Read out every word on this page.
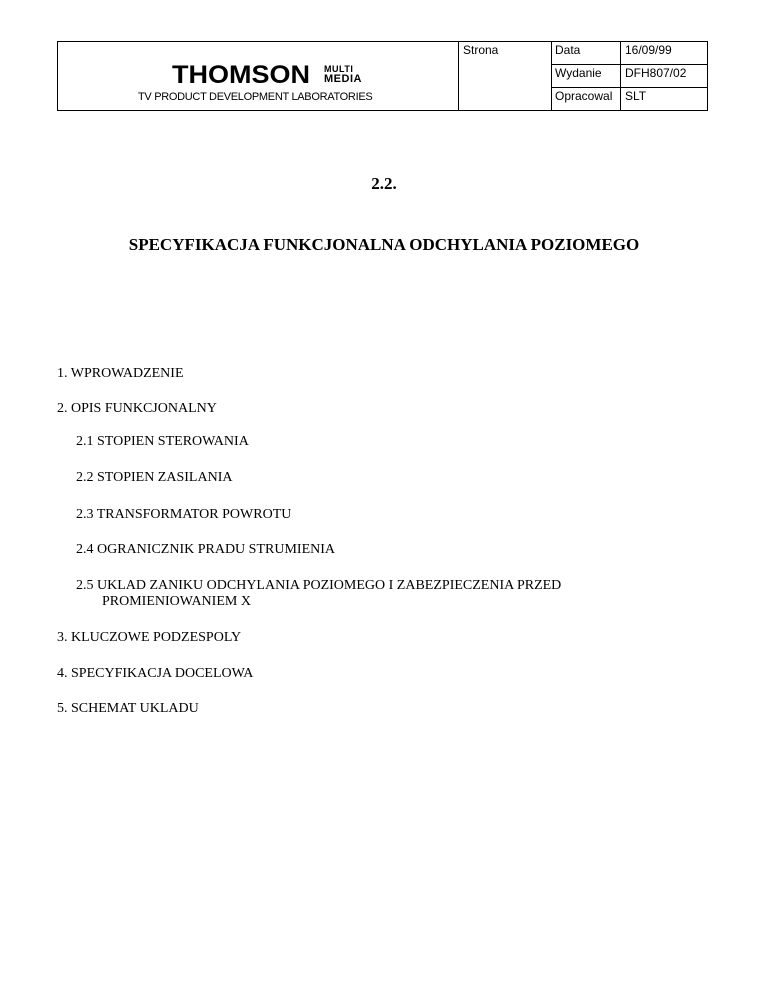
THOMSON MULTI
MEDIA
TV PRODUCT DEVELOPMENT LABORATORIES
Strona	Data	16/09/99
Wydanie	DFH807/02
Opracowal	SLT
2.2.
SPECYFIKACJA FUNKCJONALNA ODCHYLANIA POZIOMEGO
1. WPROWADZENIE
2. OPIS FUNKCJONALNY
2.1 STOPIEN STEROWANIA
2.2 STOPIEN ZASILANIA
2.3 TRANSFORMATOR POWROTU
2.4 OGRANICZNIK PRADU STRUMIENIA
2.5 UKLAD ZANIKU ODCHYLANIA POZIOMEGO I ZABEZPIECZENIA PRZED
PROMIENIOWANIEM X
3. KLUCZOWE PODZESPOLY
4. SPECYFIKACJA DOCELOWA
5. SCHEMAT UKLADU
